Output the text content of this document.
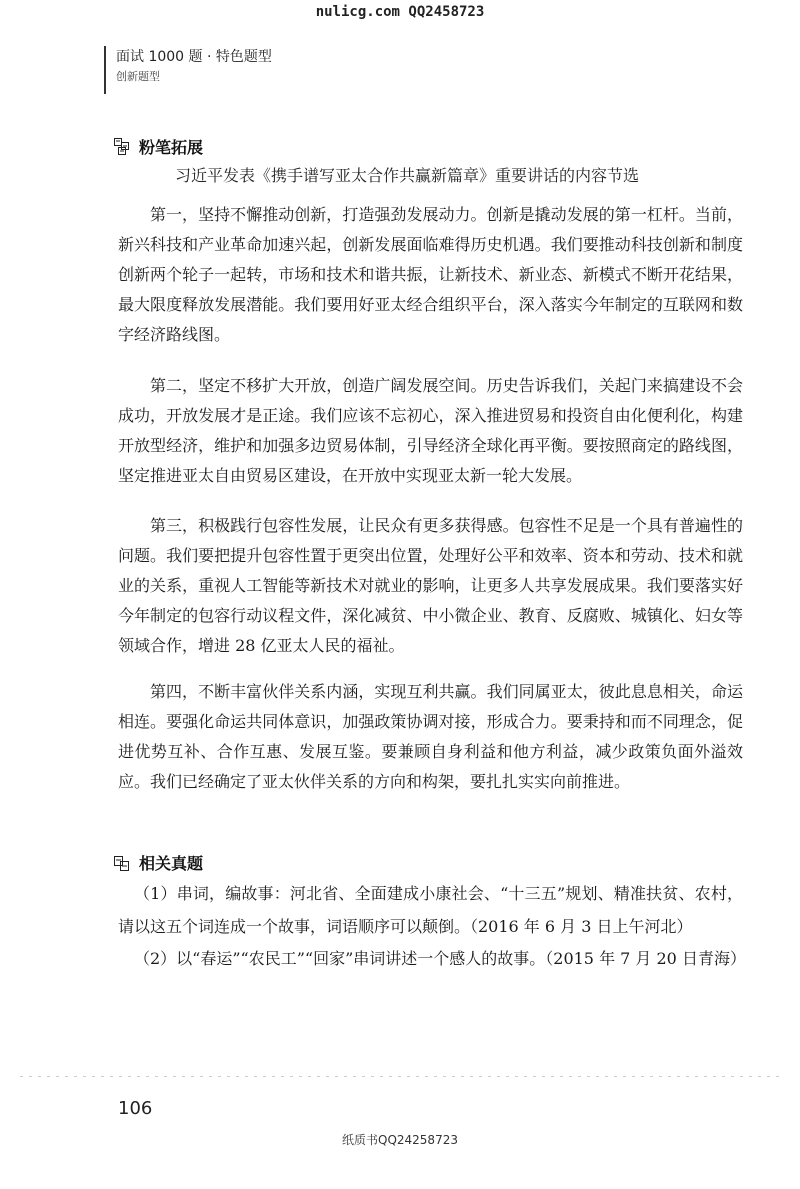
nulicg.com QQ2458723
面试 1000 题 · 特色题型
创新题型
粉笔拓展
习近平发表《携手谱写亚太合作共赢新篇章》重要讲话的内容节选

第一，坚持不懈推动创新，打造强劲发展动力。创新是撬动发展的第一杠杆。当前，新兴科技和产业革命加速兴起，创新发展面临难得历史机遇。我们要推动科技创新和制度创新两个轮子一起转，市场和技术和谐共振，让新技术、新业态、新模式不断开花结果，最大限度释放发展潜能。我们要用好亚太经合组织平台，深入落实今年制定的互联网和数字经济路线图。

第二，坚定不移扩大开放，创造广阔发展空间。历史告诉我们，关起门来搞建设不会成功，开放发展才是正途。我们应该不忘初心，深入推进贸易和投资自由化便利化，构建开放型经济，维护和加强多边贸易体制，引导经济全球化再平衡。要按照商定的路线图，坚定推进亚太自由贸易区建设，在开放中实现亚太新一轮大发展。

第三，积极践行包容性发展，让民众有更多获得感。包容性不足是一个具有普遍性的问题。我们要把提升包容性置于更突出位置，处理好公平和效率、资本和劳动、技术和就业的关系，重视人工智能等新技术对就业的影响，让更多人共享发展成果。我们要落实好今年制定的包容行动议程文件，深化减贫、中小微企业、教育、反腐败、城镇化、妇女等领域合作，增进 28 亿亚太人民的福祉。

第四，不断丰富伙伴关系内涵，实现互利共赢。我们同属亚太，彼此息息相关，命运相连。要强化命运共同体意识，加强政策协调对接，形成合力。要秉持和而不同理念，促进优势互补、合作互惠、发展互鉴。要兼顾自身利益和他方利益，减少政策负面外溢效应。我们已经确定了亚太伙伴关系的方向和构架，要扎扎实实向前推进。

相关真题

（1）串词，编故事：河北省、全面建成小康社会、“十三五”规划、精准扶贫、农村，请以这五个词连成一个故事，词语顺序可以颠倒。（2016 年 6 月 3 日上午河北）

（2）以“春运”“农民工”“回家”串词讲述一个感人的故事。（2015 年 7 月 20 日青海）

106
纸质书QQ24258723
